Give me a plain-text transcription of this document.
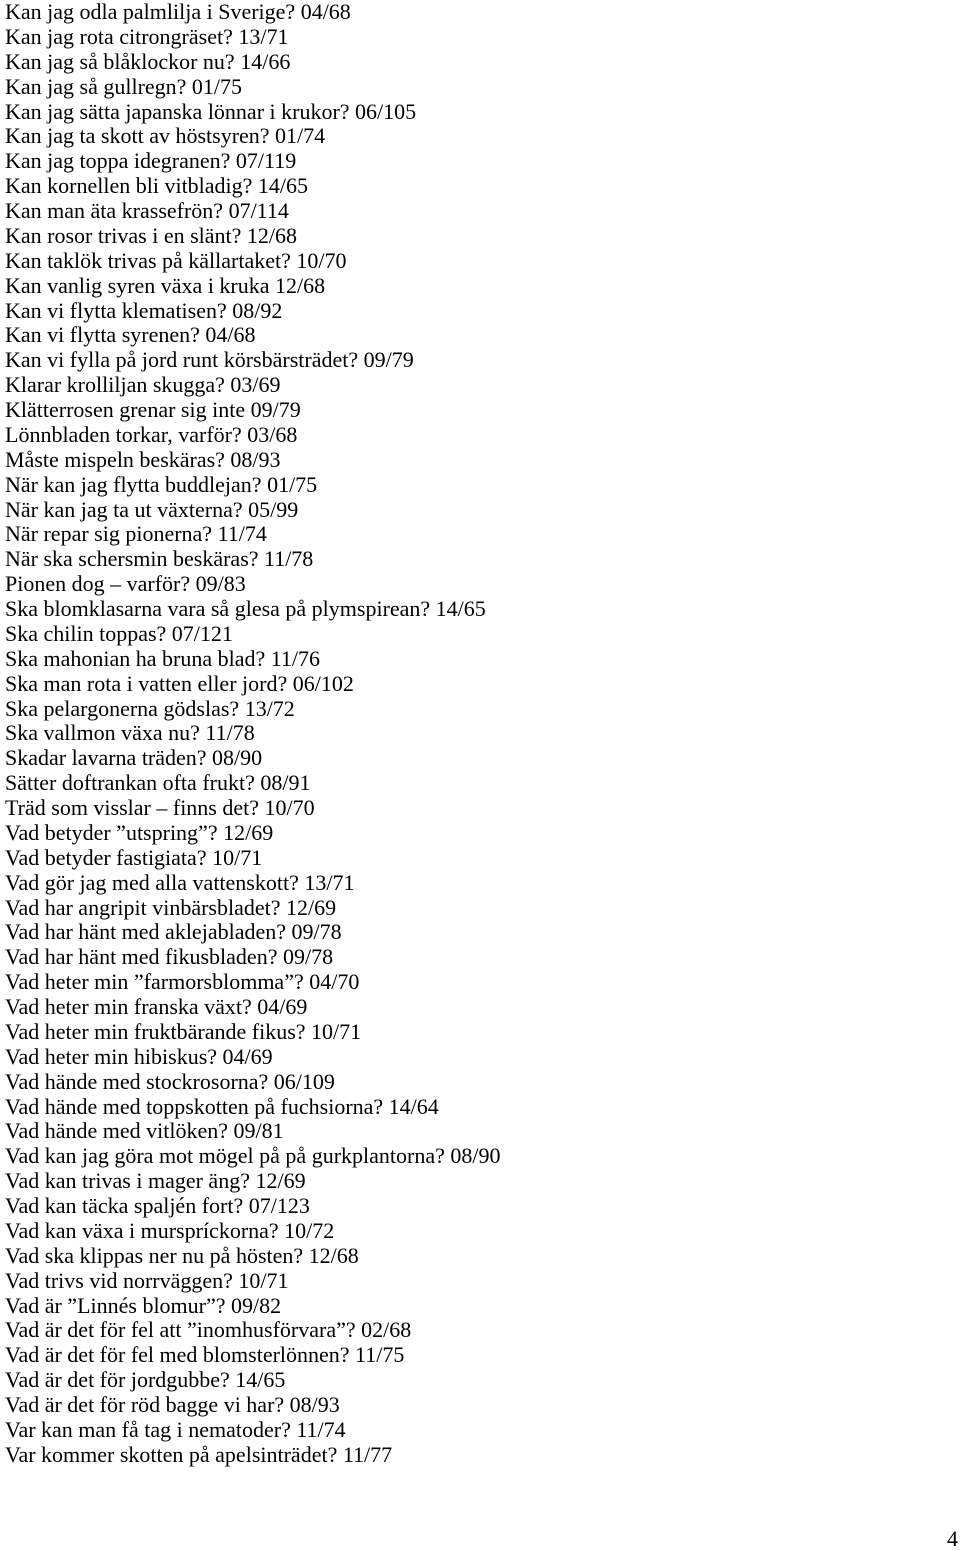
Kan jag odla palmlilja i Sverige? 04/68
Kan jag rota citrongräset? 13/71
Kan jag så blåklockor nu? 14/66
Kan jag så gullregn? 01/75
Kan jag sätta japanska lönnar i krukor? 06/105
Kan jag ta skott av höstsyren? 01/74
Kan jag toppa idegranen? 07/119
Kan kornellen bli vitbladig? 14/65
Kan man äta krassefrön? 07/114
Kan rosor trivas i en slänt? 12/68
Kan taklök trivas på källartaket? 10/70
Kan vanlig syren växa i kruka 12/68
Kan vi flytta klematisen? 08/92
Kan vi flytta syrenen? 04/68
Kan vi fylla på jord runt körsbärsträdet? 09/79
Klarar krolliljan skugga? 03/69
Klätterrosen grenar sig inte 09/79
Lönnbladen torkar, varför? 03/68
Måste mispeln beskäras? 08/93
När kan jag flytta buddlejan? 01/75
När kan jag ta ut växterna? 05/99
När repar sig pionerna? 11/74
När ska schersmin beskäras? 11/78
Pionen dog – varför? 09/83
Ska blomklasarna vara så glesa på plymspirean? 14/65
Ska chilin toppas? 07/121
Ska mahonian ha bruna blad? 11/76
Ska man rota i vatten eller jord? 06/102
Ska pelargonerna gödslas? 13/72
Ska vallmon växa nu? 11/78
Skadar lavarna träden? 08/90
Sätter doftrankan ofta frukt? 08/91
Träd som visslar – finns det? 10/70
Vad betyder ”utspring”? 12/69
Vad betyder fastigiata? 10/71
Vad gör jag med alla vattenskott? 13/71
Vad har angripit vinbärsbladet? 12/69
Vad har hänt med aklejabladen? 09/78
Vad har hänt med fikusbladen? 09/78
Vad heter min ”farmorsblomma”? 04/70
Vad heter min franska växt? 04/69
Vad heter min fruktbärande fikus? 10/71
Vad heter min hibiskus? 04/69
Vad hände med stockrosorna? 06/109
Vad hände med toppskotten på fuchsiorna? 14/64
Vad hände med vitlöken? 09/81
Vad kan jag göra mot mögel på på gurkplantorna? 08/90
Vad kan trivas i mager äng? 12/69
Vad kan täcka spaljén fort? 07/123
Vad kan växa i murspríckorna? 10/72
Vad ska klippas ner nu på hösten? 12/68
Vad trivs vid norrväggen? 10/71
Vad är ”Linnés blomur”? 09/82
Vad är det för fel att ”inomhusförvara”? 02/68
Vad är det för fel med blomsterlönnen? 11/75
Vad är det för jordgubbe? 14/65
Vad är det för röd bagge vi har? 08/93
Var kan man få tag i nematoder? 11/74
Var kommer skotten på apelsinträdet? 11/77
4
